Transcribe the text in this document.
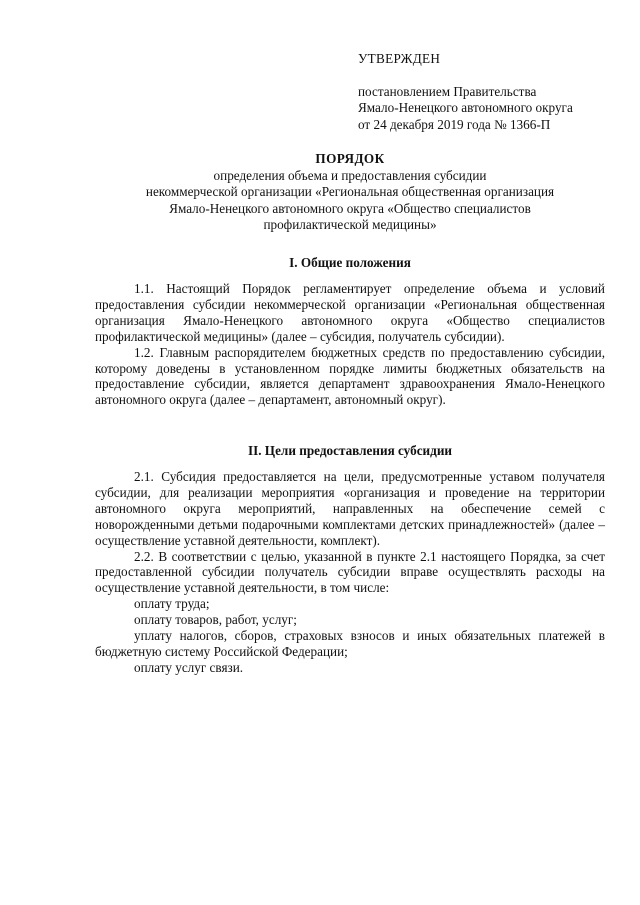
УТВЕРЖДЕН
постановлением Правительства
Ямало-Ненецкого автономного округа
от 24 декабря 2019 года № 1366-П
ПОРЯДОК
определения объема и предоставления субсидии
некоммерческой организации «Региональная общественная организация
Ямало-Ненецкого автономного округа «Общество специалистов
профилактической медицины»
I. Общие положения

1.1. Настоящий Порядок регламентирует определение объема и условий предоставления субсидии некоммерческой организации «Региональная общественная организация Ямало-Ненецкого автономного округа «Общество специалистов профилактической медицины» (далее – субсидия, получатель субсидии).

1.2. Главным распорядителем бюджетных средств по предоставлению субсидии, которому доведены в установленном порядке лимиты бюджетных обязательств на предоставление субсидии, является департамент здравоохранения Ямало-Ненецкого автономного округа (далее – департамент, автономный округ).

II. Цели предоставления субсидии

2.1. Субсидия предоставляется на цели, предусмотренные уставом получателя субсидии, для реализации мероприятия «организация и проведение на территории автономного округа мероприятий, направленных на обеспечение семей с новорожденными детьми подарочными комплектами детских принадлежностей» (далее – осуществление уставной деятельности, комплект).

2.2. В соответствии с целью, указанной в пункте 2.1 настоящего Порядка, за счет предоставленной субсидии получатель субсидии вправе осуществлять расходы на осуществление уставной деятельности, в том числе:

оплату труда;

оплату товаров, работ, услуг;

уплату налогов, сборов, страховых взносов и иных обязательных платежей в бюджетную систему Российской Федерации;

оплату услуг связи.
